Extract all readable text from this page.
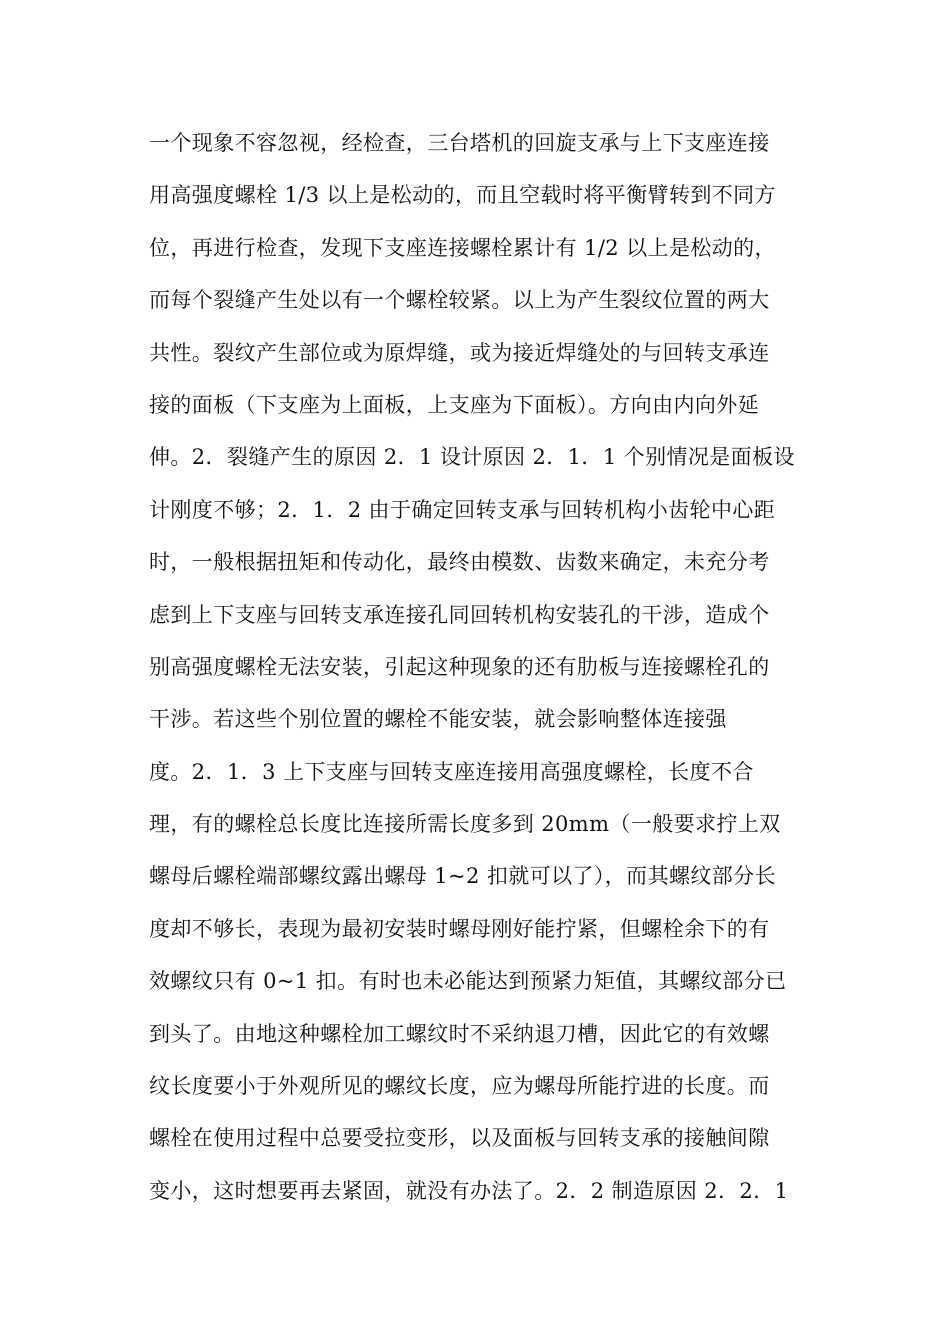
一个现象不容忽视，经检查，三台塔机的回旋支承与上下支座连接
用高强度螺栓 1/3 以上是松动的，而且空载时将平衡臂转到不同方
位，再进行检查，发现下支座连接螺栓累计有 1/2 以上是松动的，
而每个裂缝产生处以有一个螺栓较紧。以上为产生裂纹位置的两大
共性。裂纹产生部位或为原焊缝，或为接近焊缝处的与回转支承连
接的面板（下支座为上面板，上支座为下面板）。方向由内向外延
伸。2．裂缝产生的原因 2．1 设计原因 2．1．1 个别情况是面板设
计刚度不够；2．1．2 由于确定回转支承与回转机构小齿轮中心距
时，一般根据扭矩和传动化，最终由模数、齿数来确定，未充分考
虑到上下支座与回转支承连接孔同回转机构安装孔的干涉，造成个
别高强度螺栓无法安装，引起这种现象的还有肋板与连接螺栓孔的
干涉。若这些个别位置的螺栓不能安装，就会影响整体连接强
度。2．1．3 上下支座与回转支座连接用高强度螺栓，长度不合
理，有的螺栓总长度比连接所需长度多到 20mm（一般要求拧上双
螺母后螺栓端部螺纹露出螺母 1~2 扣就可以了），而其螺纹部分长
度却不够长，表现为最初安装时螺母刚好能拧紧，但螺栓余下的有
效螺纹只有 0~1 扣。有时也未必能达到预紧力矩值，其螺纹部分已
到头了。由地这种螺栓加工螺纹时不采纳退刀槽，因此它的有效螺
纹长度要小于外观所见的螺纹长度，应为螺母所能拧进的长度。而
螺栓在使用过程中总要受拉变形，以及面板与回转支承的接触间隙
变小，这时想要再去紧固，就没有办法了。2．2 制造原因 2．2．1
